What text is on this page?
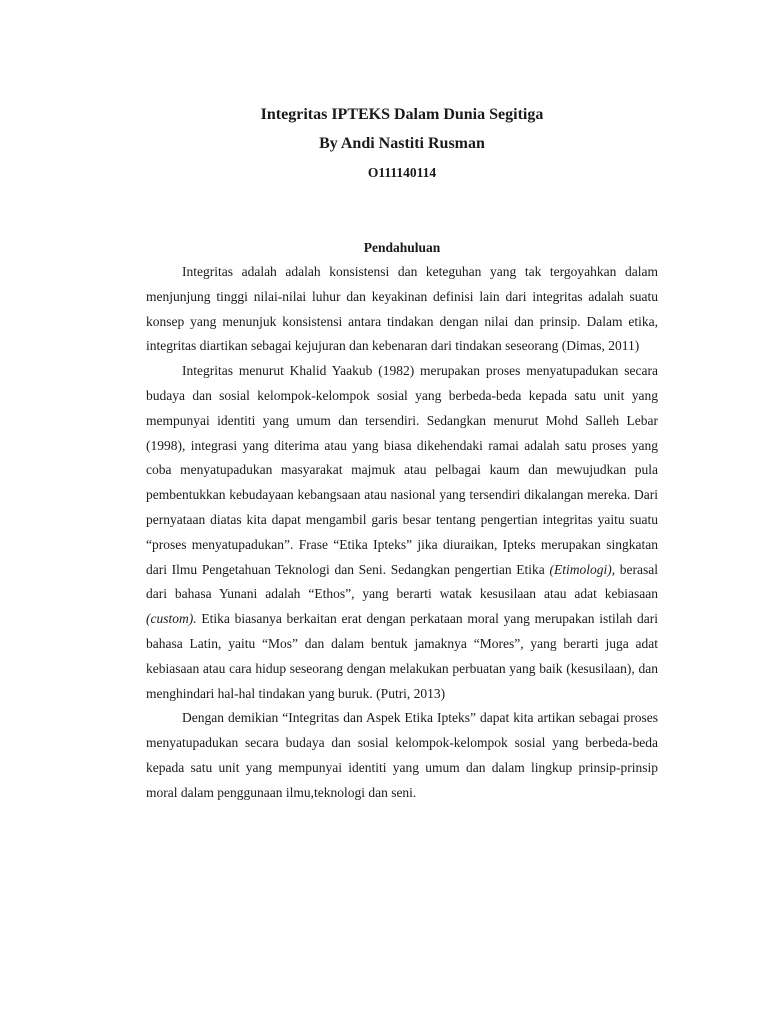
Integritas IPTEKS Dalam Dunia Segitiga
By Andi Nastiti Rusman
O111140114
Pendahuluan

Integritas adalah adalah konsistensi dan keteguhan yang tak tergoyahkan dalam menjunjung tinggi nilai-nilai luhur dan keyakinan definisi lain dari integritas adalah suatu konsep yang menunjuk konsistensi antara tindakan dengan nilai dan prinsip. Dalam etika, integritas diartikan sebagai kejujuran dan kebenaran dari tindakan seseorang (Dimas, 2011)

Integritas menurut Khalid Yaakub (1982) merupakan proses menyatupadukan secara budaya dan sosial kelompok-kelompok sosial yang berbeda-beda kepada satu unit yang mempunyai identiti yang umum dan tersendiri. Sedangkan menurut Mohd Salleh Lebar (1998), integrasi yang diterima atau yang biasa dikehendaki ramai adalah satu proses yang coba menyatupadukan masyarakat majmuk atau pelbagai kaum dan mewujudkan pula pembentukkan kebudayaan kebangsaan atau nasional yang tersendiri dikalangan mereka. Dari pernyataan diatas kita dapat mengambil garis besar tentang pengertian integritas yaitu suatu “proses menyatupadukan”. Frase “Etika Ipteks” jika diuraikan, Ipteks merupakan singkatan dari Ilmu Pengetahuan Teknologi dan Seni. Sedangkan pengertian Etika (Etimologi), berasal dari bahasa Yunani adalah “Ethos”, yang berarti watak kesusilaan atau adat kebiasaan (custom). Etika biasanya berkaitan erat dengan perkataan moral yang merupakan istilah dari bahasa Latin, yaitu “Mos” dan dalam bentuk jamaknya “Mores”, yang berarti juga adat kebiasaan atau cara hidup seseorang dengan melakukan perbuatan yang baik (kesusilaan), dan menghindari hal-hal tindakan yang buruk. (Putri, 2013)

Dengan demikian “Integritas dan Aspek Etika Ipteks” dapat kita artikan sebagai proses menyatupadukan secara budaya dan sosial kelompok-kelompok sosial yang berbeda-beda kepada satu unit yang mempunyai identiti yang umum dan dalam lingkup prinsip-prinsip moral dalam penggunaan ilmu,teknologi dan seni.
